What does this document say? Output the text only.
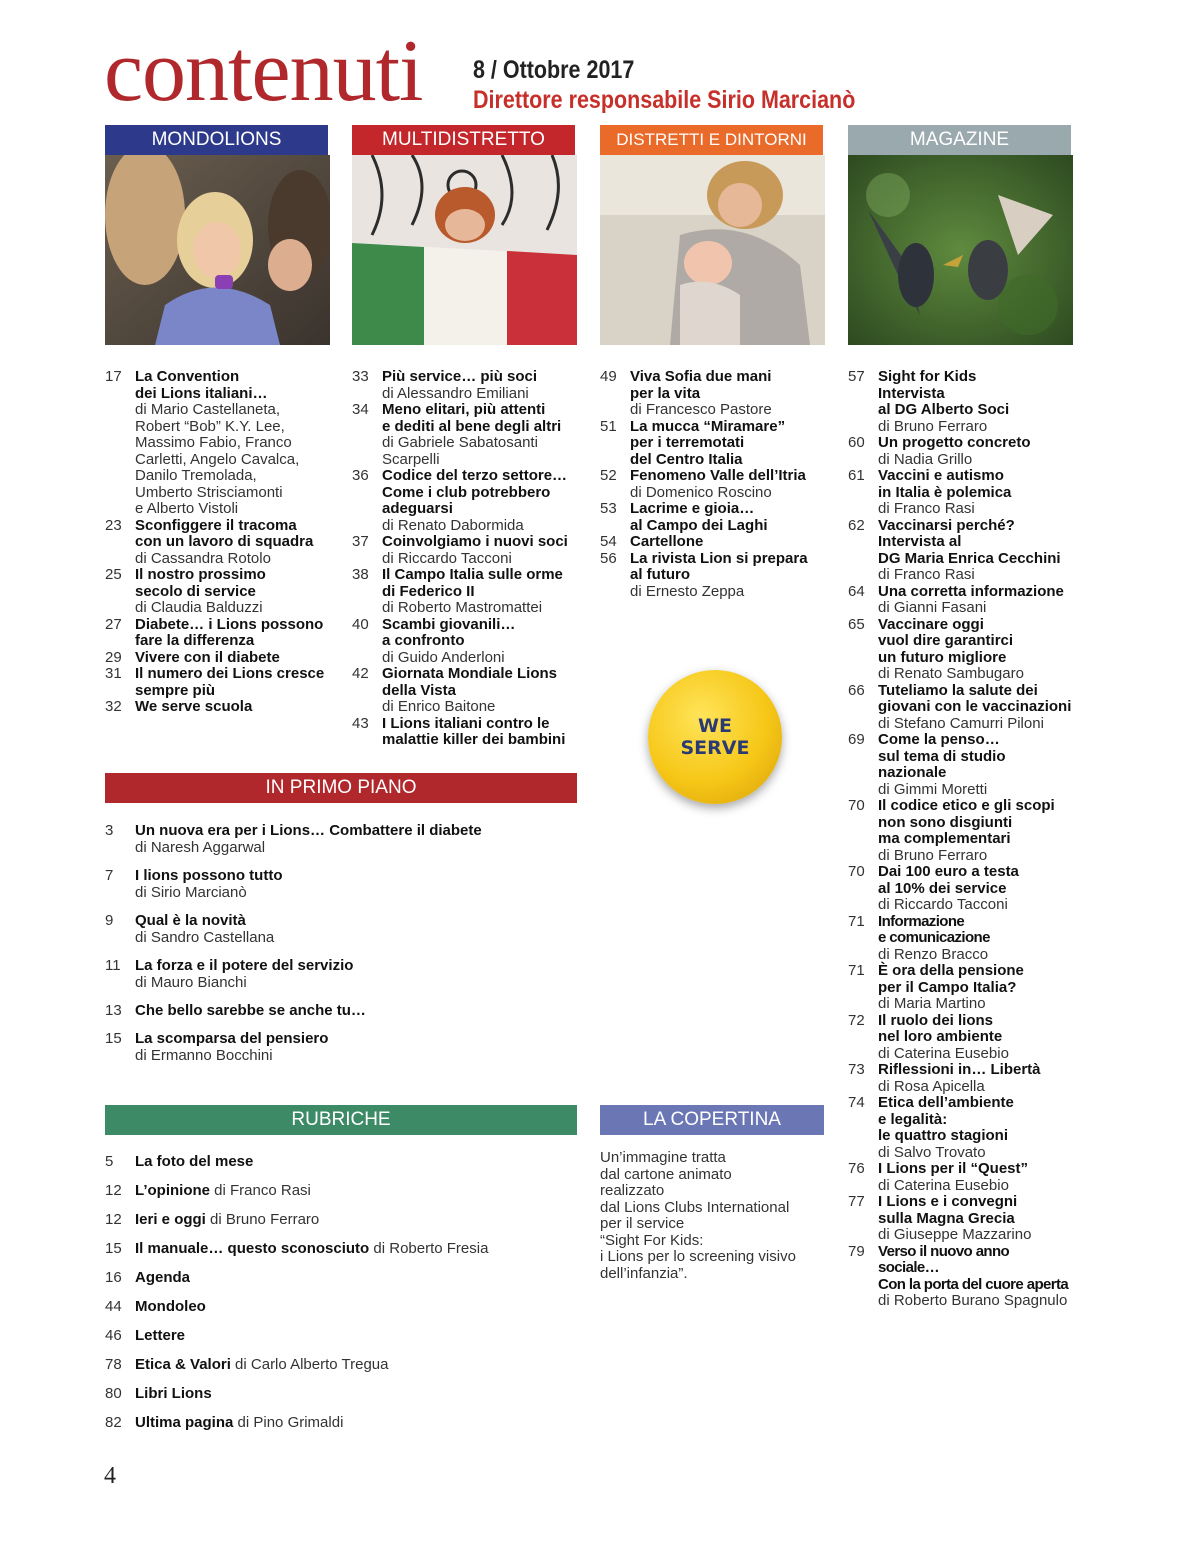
contenuti 8 / Ottobre 2017
Direttore responsabile Sirio Marcianò
MONDOLIONS	MULTIDISTRETTO	DISTRETTI E DINTORNI	MAGAZINE
17 La Convention
dei Lions italiani…
di Mario Castellaneta,
Robert “Bob” K.Y. Lee,
Massimo Fabio, Franco
Carletti, Angelo Cavalca,
Danilo Tremolada,
Umberto Strisciamonti
e Alberto Vistoli
23 Sconfiggere il tracoma
con un lavoro di squadra
di Cassandra Rotolo
25 Il nostro prossimo
secolo di service
di Claudia Balduzzi
27 Diabete… i Lions possono
fare la differenza
29 Vivere con il diabete
31 Il numero dei Lions cresce
sempre più
32 We serve scuola
33 Più service… più soci
di Alessandro Emiliani
34 Meno elitari, più attenti
e dediti al bene degli altri
di Gabriele Sabatosanti
Scarpelli
36 Codice del terzo settore…
Come i club potrebbero
adeguarsi
di Renato Dabormida
37 Coinvolgiamo i nuovi soci
di Riccardo Tacconi
38 Il Campo Italia sulle orme
di Federico II
di Roberto Mastromattei
40 Scambi giovanili…
a confronto
di Guido Anderloni
42 Giornata Mondiale Lions
della Vista
di Enrico Baitone
43 I Lions italiani contro le
malattie killer dei bambini
49 Viva Sofia due mani
per la vita
di Francesco Pastore
51 La mucca “Miramare”
per i terremotati
del Centro Italia
52 Fenomeno Valle dell’Itria
di Domenico Roscino
53 Lacrime e gioia…
al Campo dei Laghi
54 Cartellone
56 La rivista Lion si prepara
al futuro
di Ernesto Zeppa
WE
SERVE
57 Sight for Kids
Intervista
al DG Alberto Soci
di Bruno Ferraro
60 Un progetto concreto
di Nadia Grillo
61 Vaccini e autismo
in Italia è polemica
di Franco Rasi
62 Vaccinarsi perché?
Intervista al
DG Maria Enrica Cecchini
di Franco Rasi
64 Una corretta informazione
di Gianni Fasani
65 Vaccinare oggi
vuol dire garantirci
un futuro migliore
di Renato Sambugaro
66 Tuteliamo la salute dei
giovani con le vaccinazioni
di Stefano Camurri Piloni
69 Come la penso…
sul tema di studio nazionale
di Gimmi Moretti
70 Il codice etico e gli scopi
non sono disgiunti
ma complementari
di Bruno Ferraro
70 Dai 100 euro a testa
al 10% dei service
di Riccardo Tacconi
71 Informazione
e comunicazione
di Renzo Bracco
71 È ora della pensione
per il Campo Italia?
di Maria Martino
72 Il ruolo dei lions
nel loro ambiente
di Caterina Eusebio
73 Riflessioni in… Libertà
di Rosa Apicella
74 Etica dell’ambiente
e legalità:
le quattro stagioni
di Salvo Trovato
76 I Lions per il “Quest”
di Caterina Eusebio
77 I Lions e i convegni
sulla Magna Grecia
di Giuseppe Mazzarino
79 Verso il nuovo anno sociale…
Con la porta del cuore aperta
di Roberto Burano Spagnulo
IN PRIMO PIANO
3	Un nuova era per i Lions… Combattere il diabete
di Naresh Aggarwal
7	I lions possono tutto
di Sirio Marcianò
9	Qual è la novità
di Sandro Castellana
11 La forza e il potere del servizio
di Mauro Bianchi
13 Che bello sarebbe se anche tu…
15 La scomparsa del pensiero
di Ermanno Bocchini
RUBRICHE
5	La foto del mese
12 L’opinione di Franco Rasi
12 Ieri e oggi di Bruno Ferraro
15 Il manuale… questo sconosciuto di Roberto Fresia
16 Agenda
44 Mondoleo
46 Lettere
78 Etica & Valori di Carlo Alberto Tregua
80 Libri Lions
82 Ultima pagina di Pino Grimaldi
LA COPERTINA
Un’immagine tratta
dal cartone animato
realizzato
dal Lions Clubs International
per il service
“Sight For Kids:
i Lions per lo screening visivo
dell’infanzia”.
4
